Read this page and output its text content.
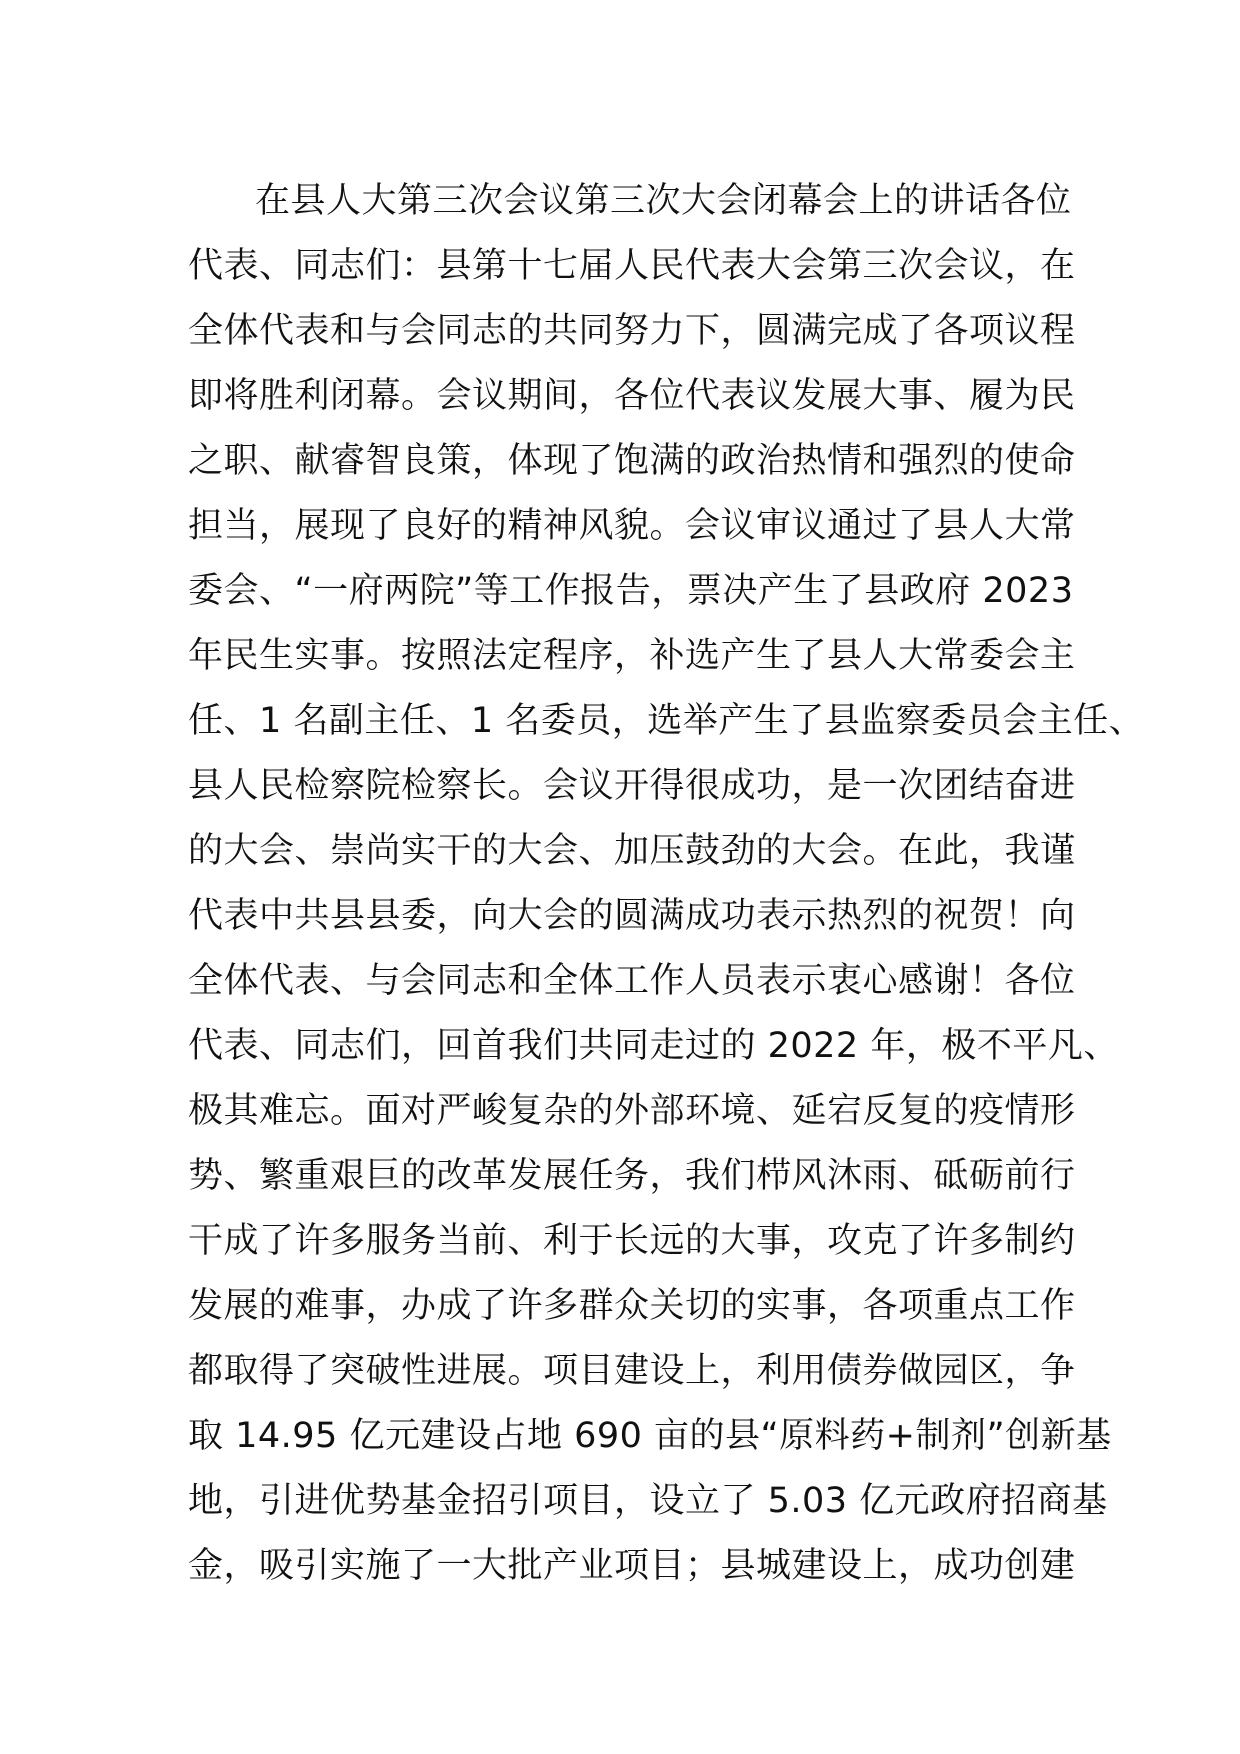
在县人大第三次会议第三次大会闭幕会上的讲话各位
代表、同志们：县第十七届人民代表大会第三次会议，在
全体代表和与会同志的共同努力下，圆满完成了各项议程
即将胜利闭幕。会议期间，各位代表议发展大事、履为民
之职、献睿智良策，体现了饱满的政治热情和强烈的使命
担当，展现了良好的精神风貌。会议审议通过了县人大常
委会、“一府两院”等工作报告，票决产生了县政府 2023
年民生实事。按照法定程序，补选产生了县人大常委会主
任、1 名副主任、1 名委员，选举产生了县监察委员会主任、
县人民检察院检察长。会议开得很成功，是一次团结奋进
的大会、崇尚实干的大会、加压鼓劲的大会。在此，我谨
代表中共县县委，向大会的圆满成功表示热烈的祝贺！向
全体代表、与会同志和全体工作人员表示衷心感谢！各位
代表、同志们，回首我们共同走过的 2022 年，极不平凡、
极其难忘。面对严峻复杂的外部环境、延宕反复的疫情形
势、繁重艰巨的改革发展任务，我们栉风沐雨、砥砺前行
干成了许多服务当前、利于长远的大事，攻克了许多制约
发展的难事，办成了许多群众关切的实事，各项重点工作
都取得了突破性进展。项目建设上，利用债券做园区，争
取 14.95 亿元建设占地 690 亩的县“原料药+制剂”创新基
地，引进优势基金招引项目，设立了 5.03 亿元政府招商基
金，吸引实施了一大批产业项目；县城建设上，成功创建
